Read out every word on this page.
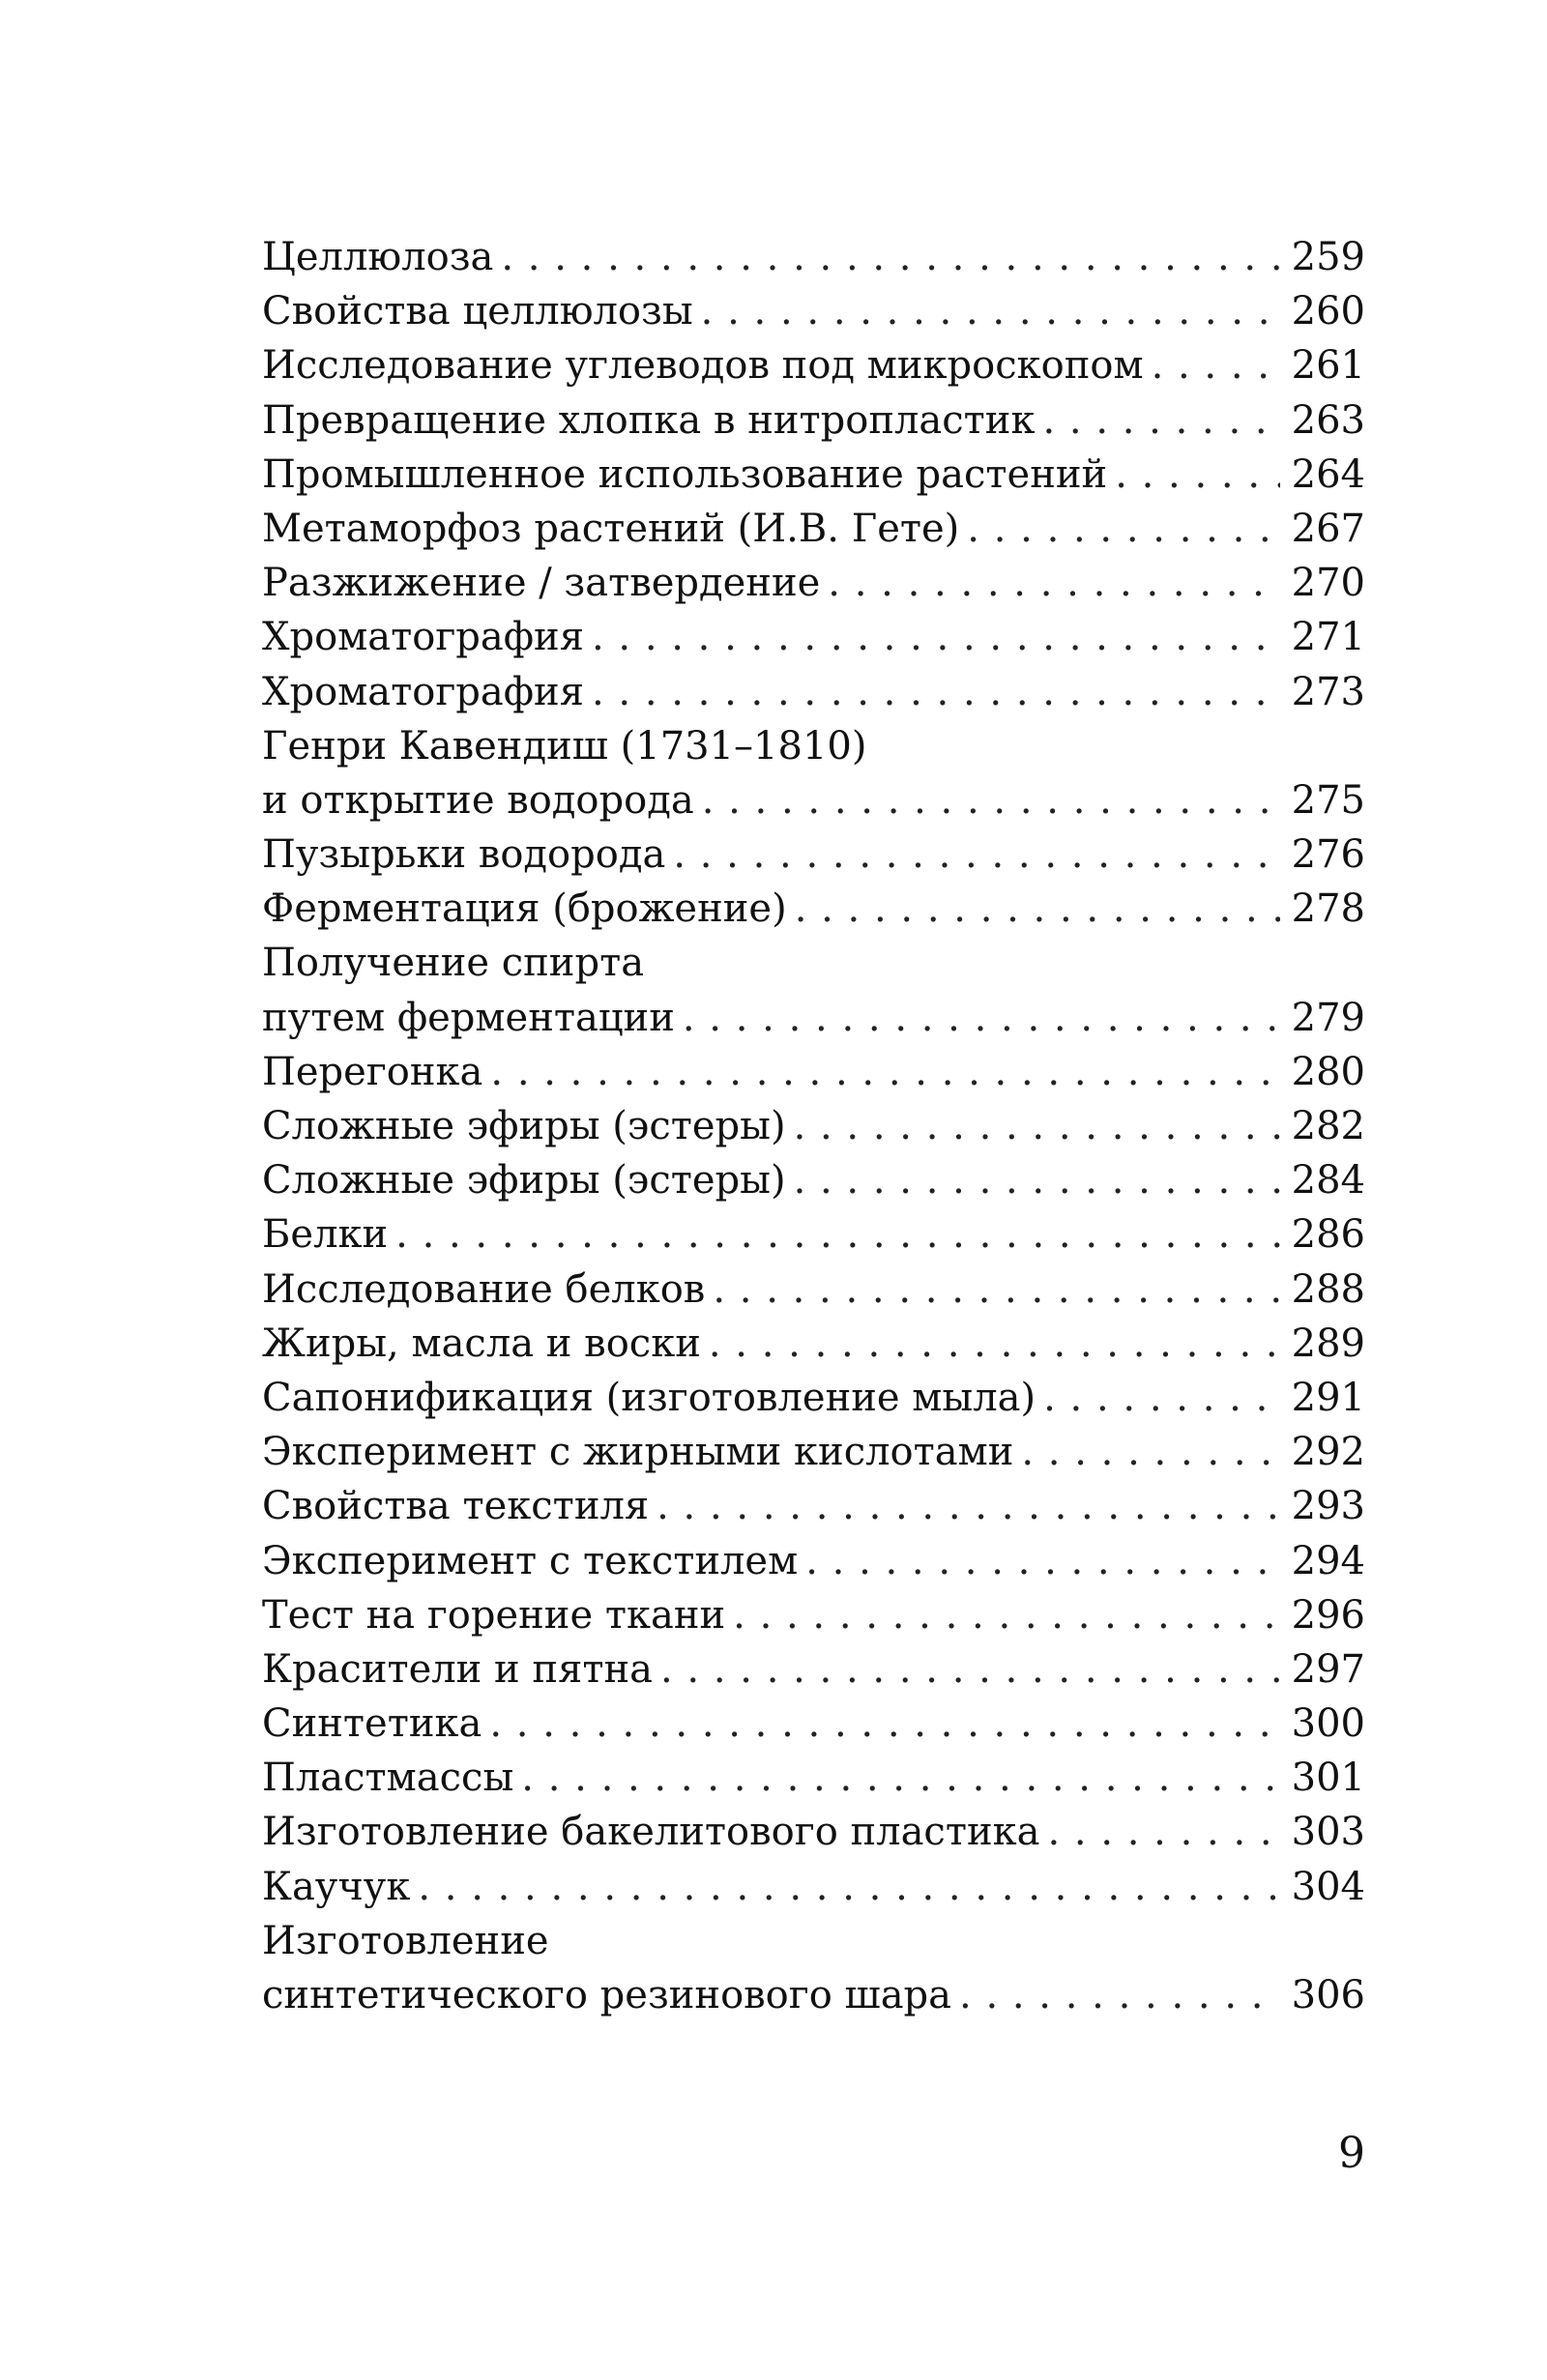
Целлюлоза . . .	259
Свойства целлюлозы . . .	260
Исследование углеводов под микроскопом . . .	261
Превращение хлопка в нитропластик . . .	263
Промышленное использование растений . . .	264
Метаморфоз растений (И.В. Гете) . . .	267
Разжижение / затвердение . . .	270
Хроматография . . .	271
Хроматография . . .	273
Генри Кавендиш (1731–1810)
и открытие водорода . . .	275
Пузырьки водорода . . .	276
Ферментация (брожение) . . .	278
Получение спирта
путем ферментации . . .	279
Перегонка . . .	280
Сложные эфиры (эстеры) . . .	282
Сложные эфиры (эстеры) . . .	284
Белки . . .	286
Исследование белков . . .	288
Жиры, масла и воски . . .	289
Сапонификация (изготовление мыла) . . .	291
Эксперимент с жирными кислотами . . .	292
Свойства текстиля . . .	293
Эксперимент с текстилем . . .	294
Тест на горение ткани . . .	296
Красители и пятна . . .	297
Синтетика . . .	300
Пластмассы . . .	301
Изготовление бакелитового пластика . . .	303
Каучук . . .	304
Изготовление
синтетического резинового шара . . .	306
9
